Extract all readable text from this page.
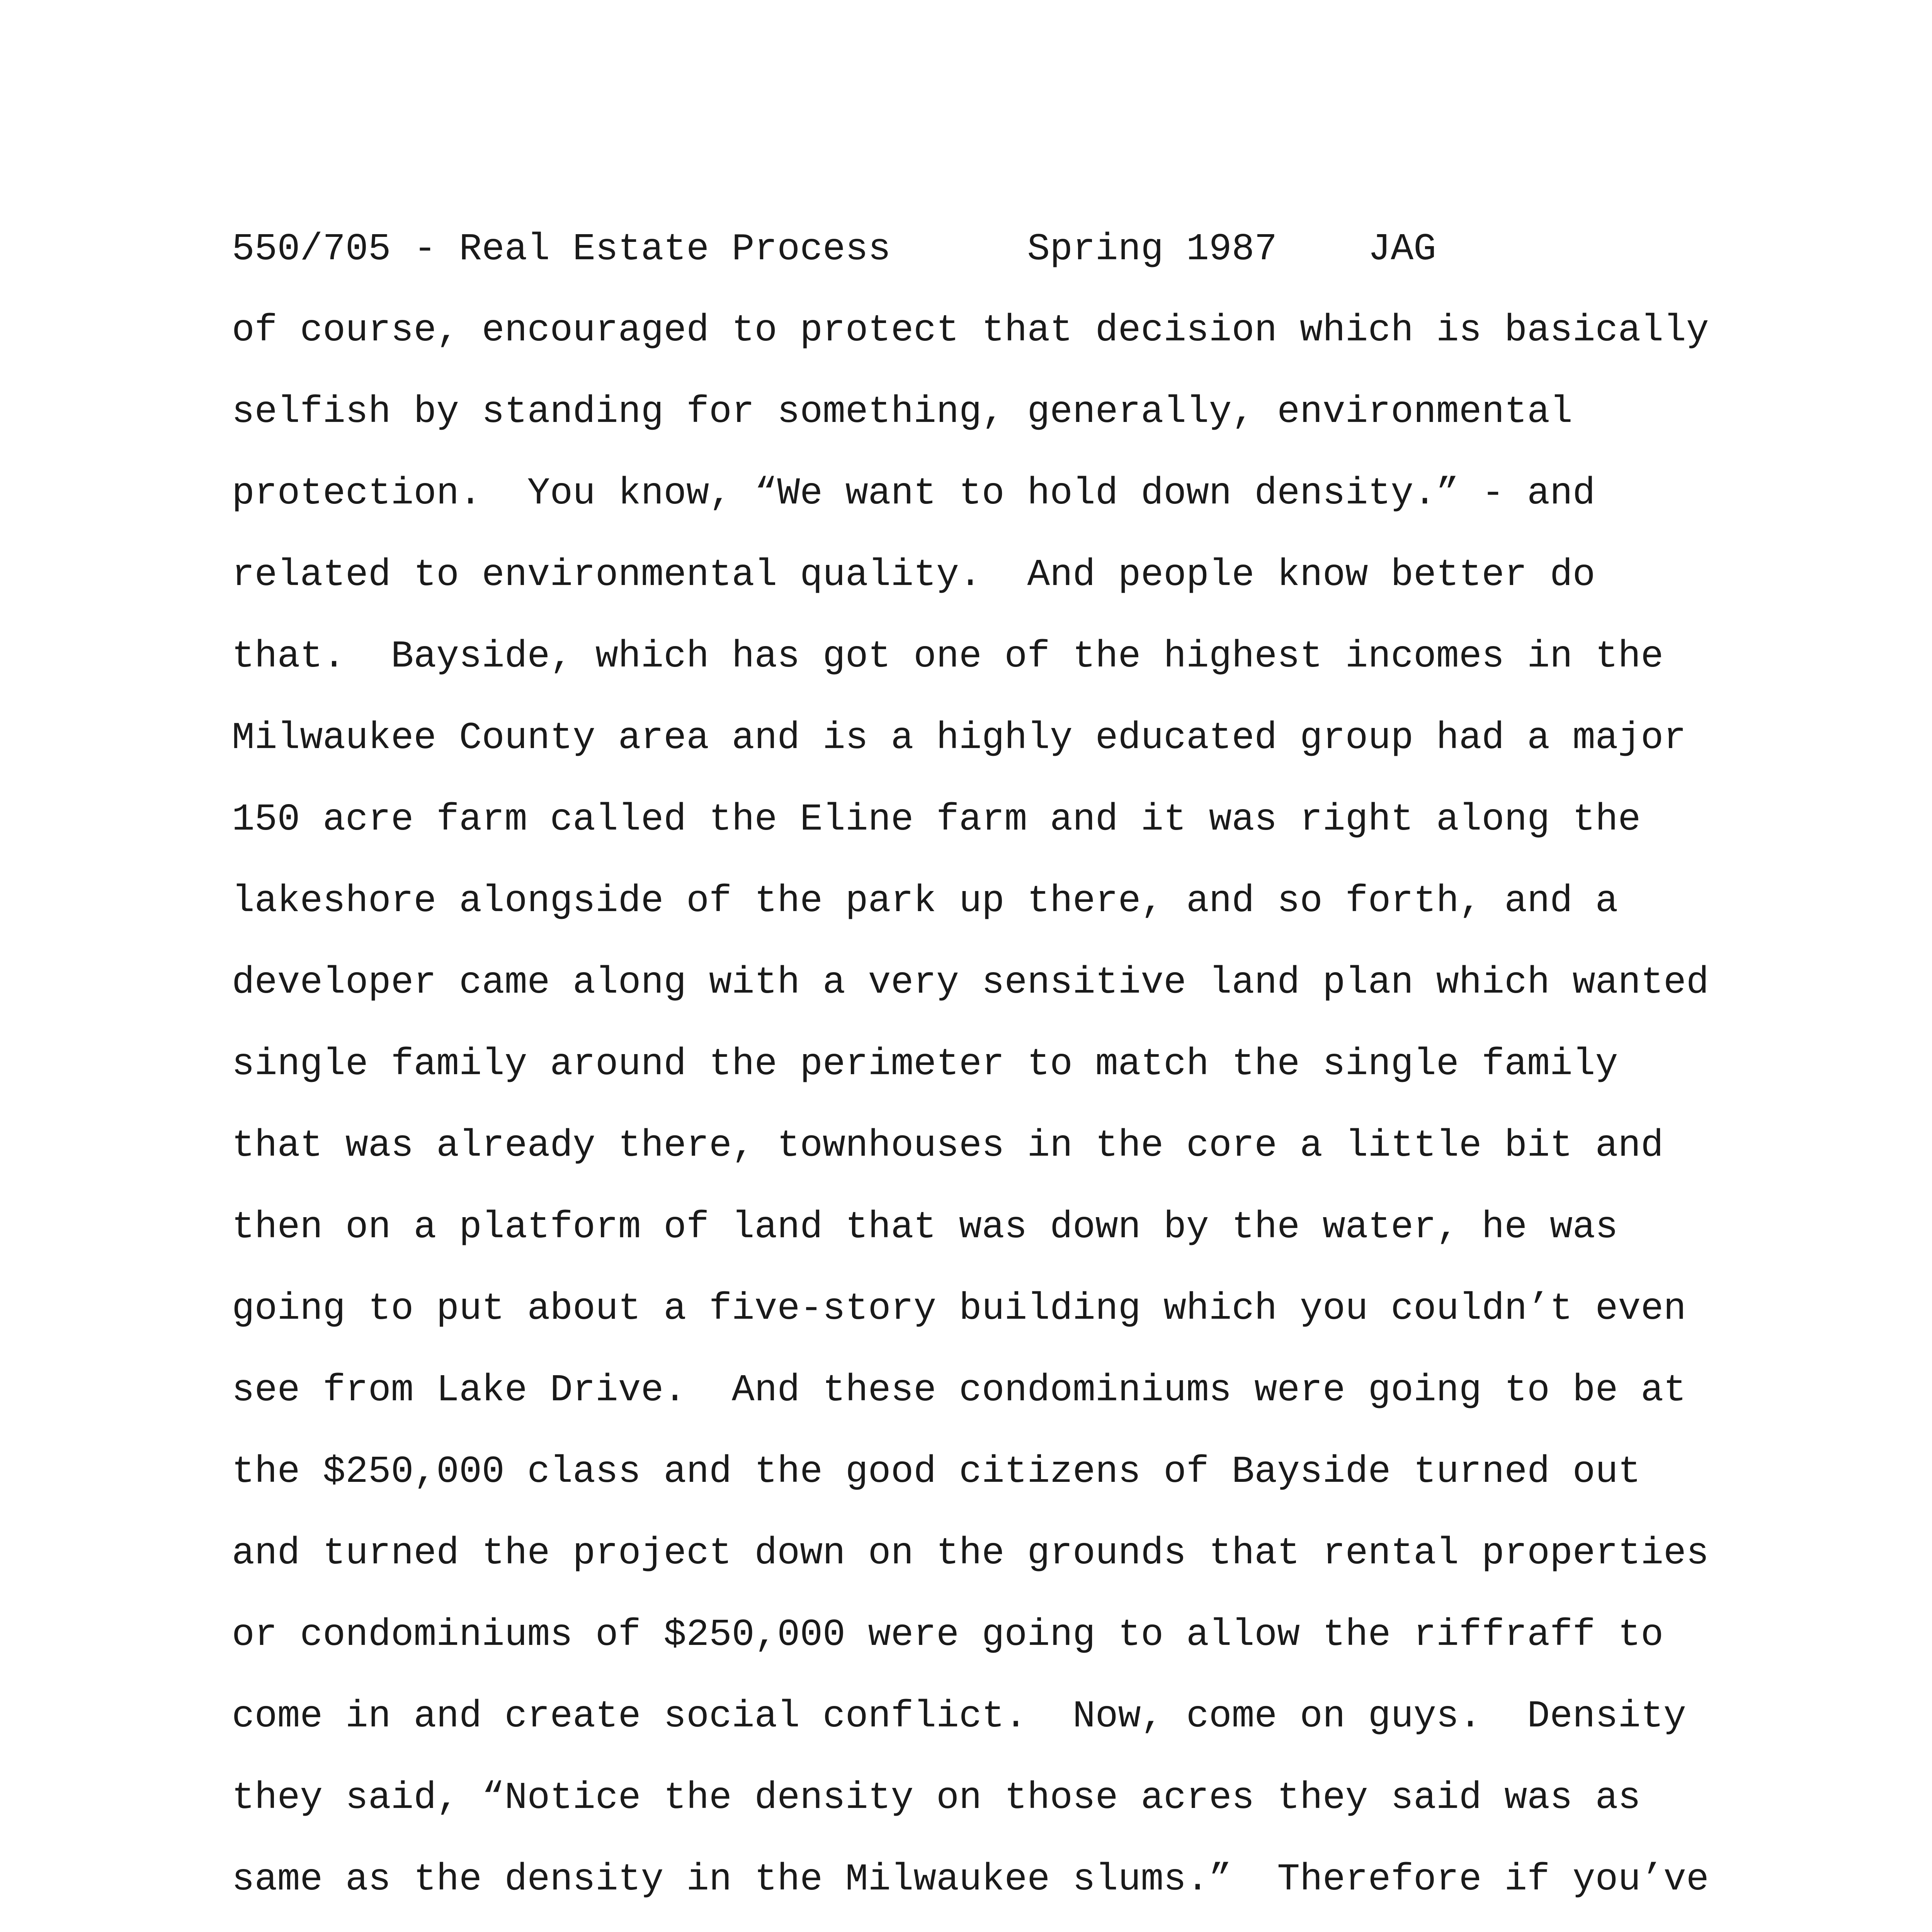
550/705 - Real Estate Process      Spring 1987    JAG
of course, encouraged to protect that decision which is basically
selfish by standing for something, generally, environmental
protection.  You know, “We want to hold down density.” - and
related to environmental quality.  And people know better do
that.  Bayside, which has got one of the highest incomes in the
Milwaukee County area and is a highly educated group had a major
150 acre farm called the Eline farm and it was right along the
lakeshore alongside of the park up there, and so forth, and a
developer came along with a very sensitive land plan which wanted
single family around the perimeter to match the single family
that was already there, townhouses in the core a little bit and
then on a platform of land that was down by the water, he was
going to put about a five-story building which you couldn’t even
see from Lake Drive.  And these condominiums were going to be at
the $250,000 class and the good citizens of Bayside turned out
and turned the project down on the grounds that rental properties
or condominiums of $250,000 were going to allow the riffraff to
come in and create social conflict.  Now, come on guys.  Density
they said, “Notice the density on those acres they said was as
same as the density in the Milwaukee slums.”  Therefore if you’ve
